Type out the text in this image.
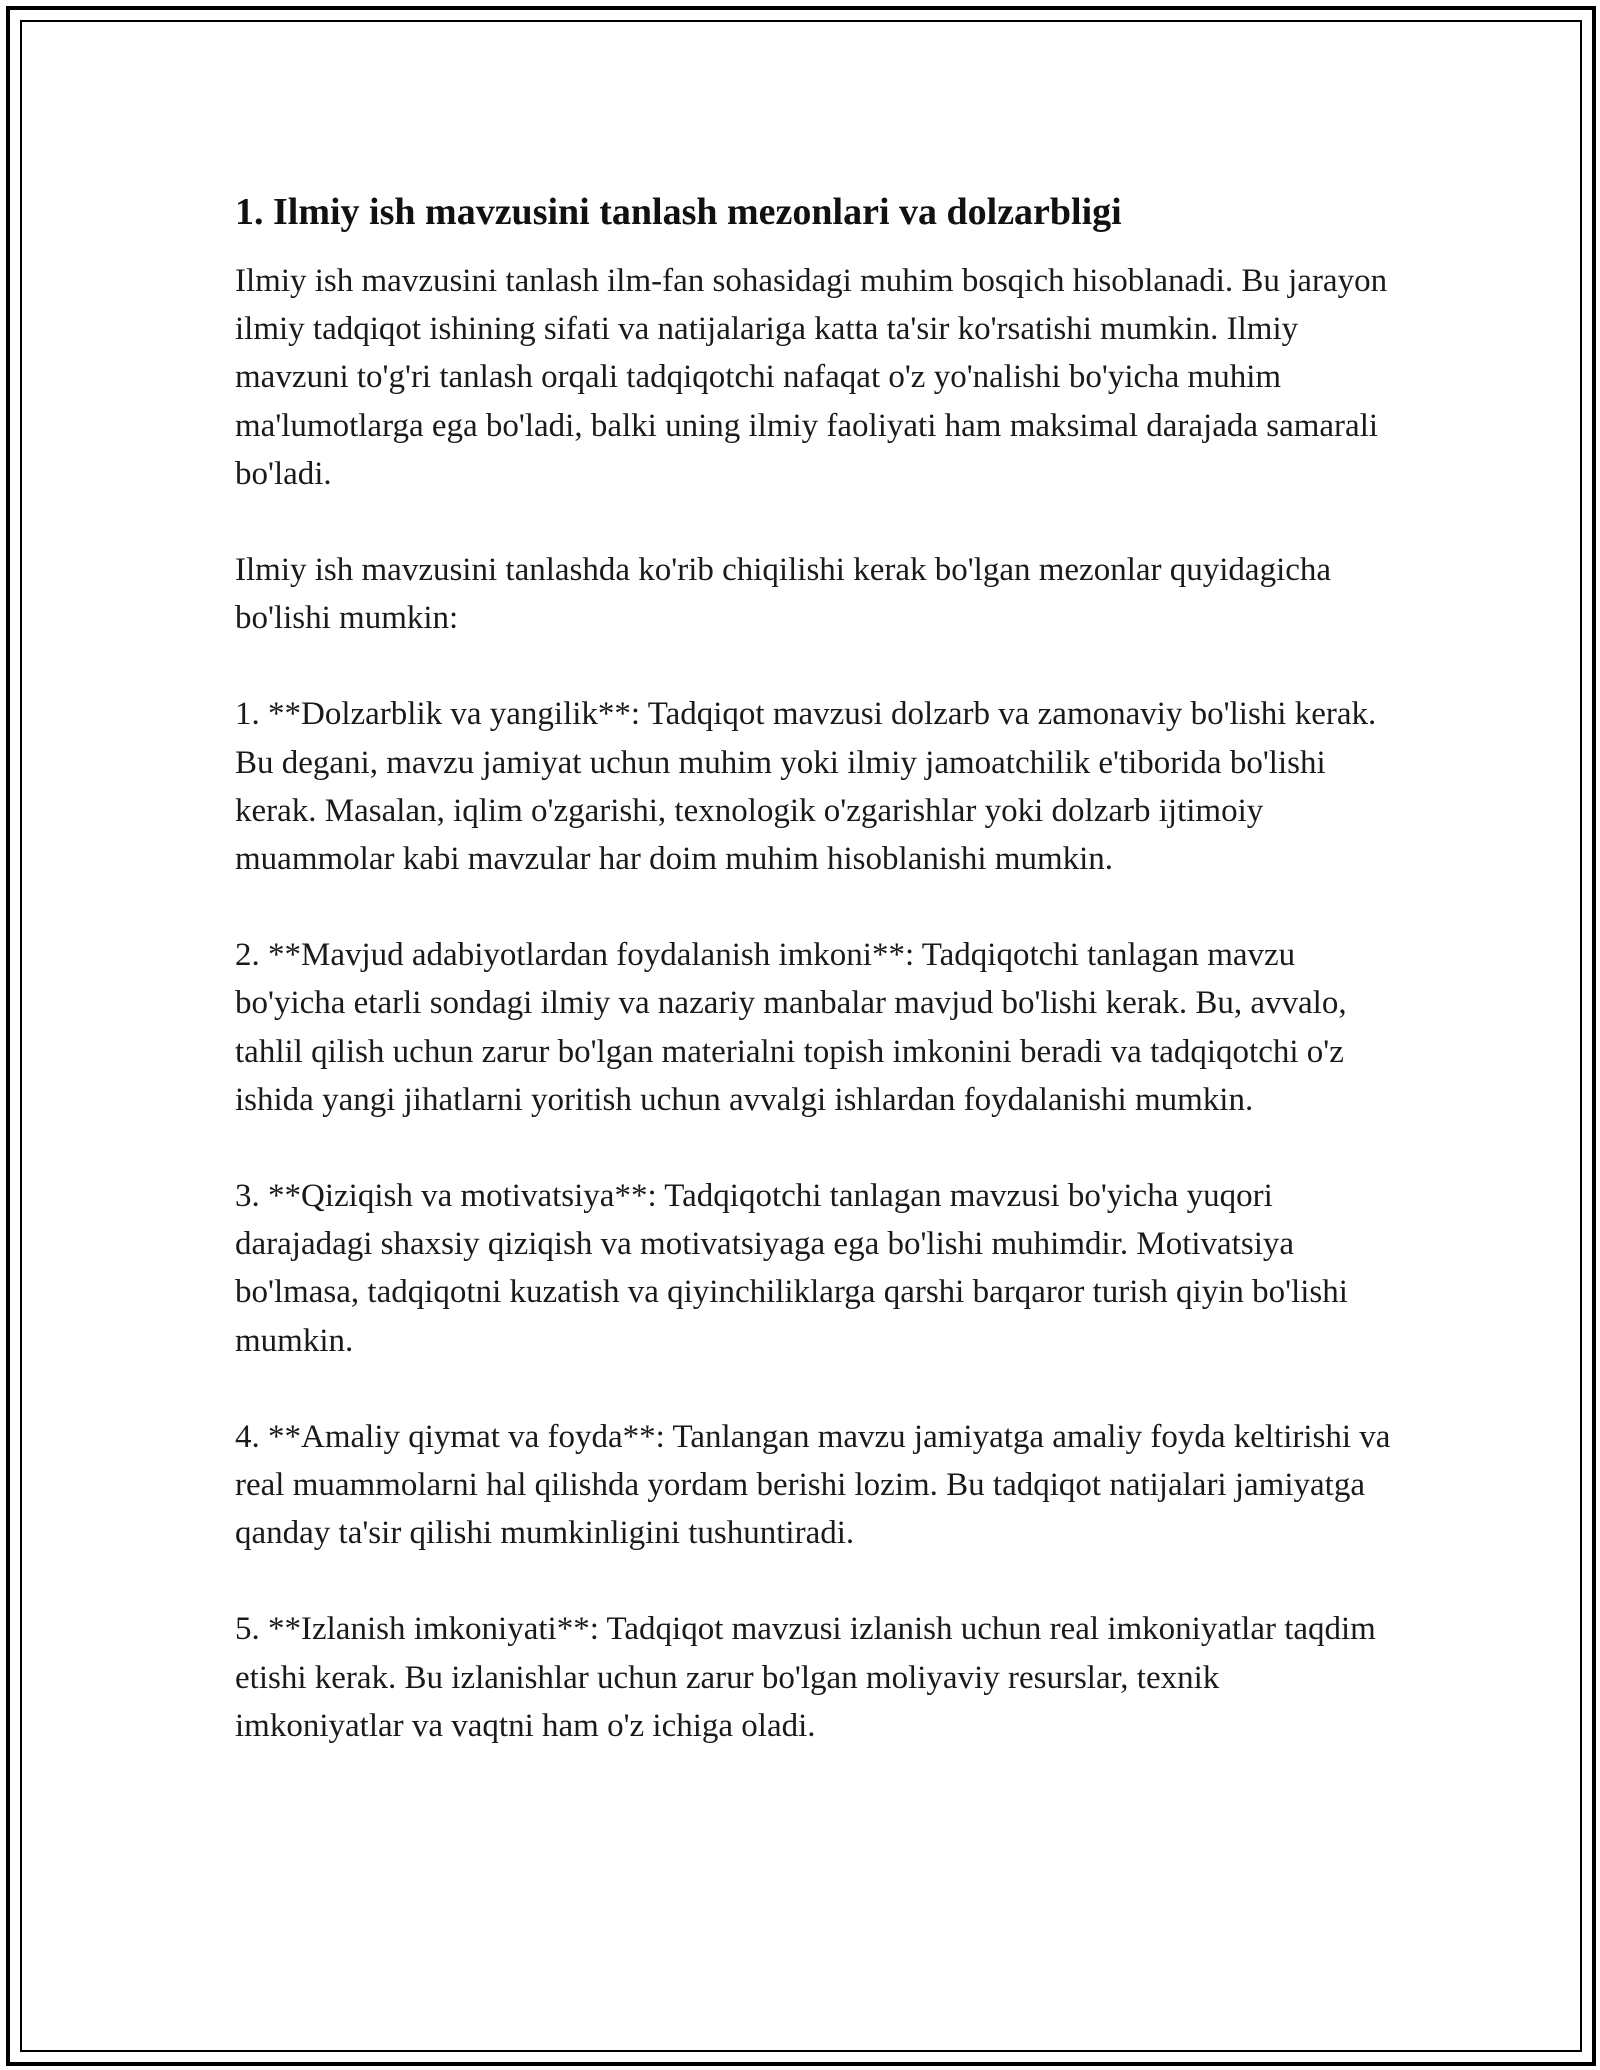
1. Ilmiy ish mavzusini tanlash mezonlari va dolzarbligi

Ilmiy ish mavzusini tanlash ilm-fan sohasidagi muhim bosqich hisoblanadi. Bu jarayon ilmiy tadqiqot ishining sifati va natijalariga katta ta'sir ko'rsatishi mumkin. Ilmiy mavzuni to'g'ri tanlash orqali tadqiqotchi nafaqat o'z yo'nalishi bo'yicha muhim ma'lumotlarga ega bo'ladi, balki uning ilmiy faoliyati ham maksimal darajada samarali bo'ladi.

Ilmiy ish mavzusini tanlashda ko'rib chiqilishi kerak bo'lgan mezonlar quyidagicha bo'lishi mumkin:

1. **Dolzarblik va yangilik**: Tadqiqot mavzusi dolzarb va zamonaviy bo'lishi kerak. Bu degani, mavzu jamiyat uchun muhim yoki ilmiy jamoatchilik e'tiborida bo'lishi kerak. Masalan, iqlim o'zgarishi, texnologik o'zgarishlar yoki dolzarb ijtimoiy muammolar kabi mavzular har doim muhim hisoblanishi mumkin.

2. **Mavjud adabiyotlardan foydalanish imkoni**: Tadqiqotchi tanlagan mavzu bo'yicha etarli sondagi ilmiy va nazariy manbalar mavjud bo'lishi kerak. Bu, avvalo, tahlil qilish uchun zarur bo'lgan materialni topish imkonini beradi va tadqiqotchi o'z ishida yangi jihatlarni yoritish uchun avvalgi ishlardan foydalanishi mumkin.

3. **Qiziqish va motivatsiya**: Tadqiqotchi tanlagan mavzusi bo'yicha yuqori darajadagi shaxsiy qiziqish va motivatsiyaga ega bo'lishi muhimdir. Motivatsiya bo'lmasa, tadqiqotni kuzatish va qiyinchiliklarga qarshi barqaror turish qiyin bo'lishi mumkin.

4. **Amaliy qiymat va foyda**: Tanlangan mavzu jamiyatga amaliy foyda keltirishi va real muammolarni hal qilishda yordam berishi lozim. Bu tadqiqot natijalari jamiyatga qanday ta'sir qilishi mumkinligini tushuntiradi.

5. **Izlanish imkoniyati**: Tadqiqot mavzusi izlanish uchun real imkoniyatlar taqdim etishi kerak. Bu izlanishlar uchun zarur bo'lgan moliyaviy resurslar, texnik imkoniyatlar va vaqtni ham o'z ichiga oladi.
